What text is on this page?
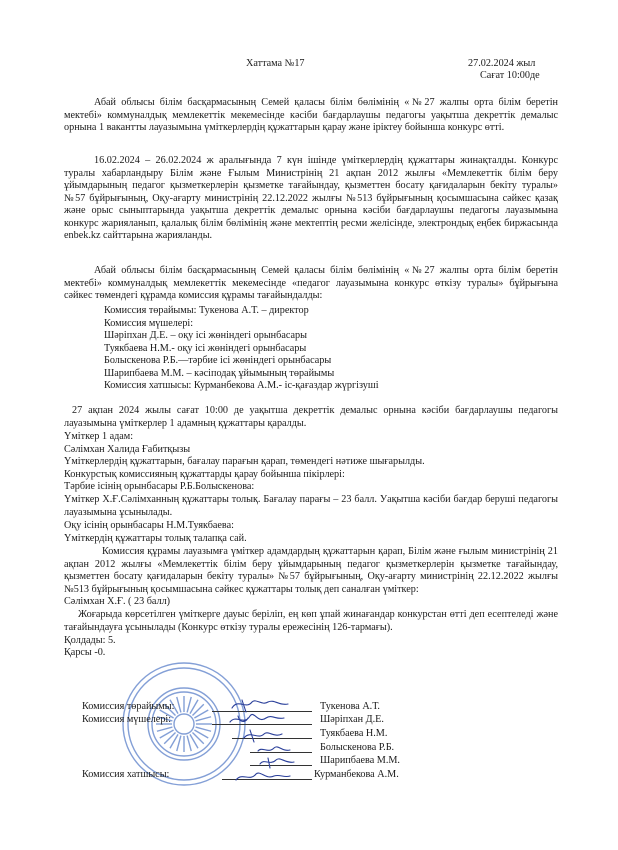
Хаттама №17	27.02.2024 жыл
Сағат 10:00де

Абай облысы білім басқармасының Семей қаласы білім бөлімінің «№27 жалпы орта білім беретін мектебі» коммуналдық мемлекеттік мекемесінде кәсіби бағдарлаушы педагогы уақытша декреттік демалыс орнына 1 вакантты лауазымына үміткерлердің құжаттарын қарау және іріктеу бойынша конкурс өтті.

16.02.2024 – 26.02.2024 ж аралығында 7 күн ішінде үміткерлердің құжаттары жинақталды. Конкурс туралы хабарландыру Білім және Ғылым Министрінің 21 ақпан 2012 жылғы «Мемлекеттік білім беру ұйымдарының педагог қызметкерлерін қызметке тағайындау, қызметтен босату қағидаларын бекіту туралы» №57 бұйрығының, Оқу-ағарту министрінің 22.12.2022 жылғы №513 бұйрығының қосымшасына сәйкес қазақ және орыс сыныптарында уақытша декреттік демалыс орнына кәсіби бағдарлаушы педагогы лауазымына конкурс жарияланып, қалалық білім бөлімінің және мектептің ресми желісінде, электрондық еңбек биржасында enbek.kz сайттарына жарияланды.

Абай облысы білім басқармасының Семей қаласы білім бөлімінің «№27 жалпы орта білім беретін мектебі» коммуналдық мемлекеттік мекемесінде «педагог лауазымына конкурс өткізу туралы» бұйрығына сәйкес төмендегі құрамда комиссия құрамы тағайындалды:

Комиссия төрайымы: Тукенова А.Т. – директор
Комиссия мүшелері:
Шәріпхан Д.Е. – оқу ісі жөніндегі орынбасары
Туякбаева Н.М.- оқу ісі жөніндегі орынбасары
Болыскенова Р.Б.—тәрбие ісі жөніндегі орынбасары
Шарипбаева М.М. – кәсіподақ ұйымының төрайымы
Комиссия хатшысы: Курманбекова А.М.- іс-қағаздар жүргізуші

27 ақпан 2024 жылы сағат 10:00 де уақытша декреттік демалыс орнына кәсіби бағдарлаушы педагогы лауазымына үміткерлер 1 адамның құжаттары қаралды.

Үміткер 1 адам:
Сәлімхан Халида Ғабитқызы
Үміткерлердің құжаттарын, бағалау парағын қарап, төмендегі нәтиже шығарылды.
Конкурстық комиссияның құжаттарды қарау бойынша пікірлері:
Тәрбие ісінің орынбасары Р.Б.Болыскенова:

Үміткер Х.Ғ.Сәлімханның құжаттары толық. Бағалау парағы – 23 балл. Уақытша кәсіби бағдар беруші педагогы лауазымына ұсынылады.

Оқу ісінің орынбасары Н.М.Туякбаева:
Үміткердің құжаттары толық талапқа сай.

Комиссия құрамы лауазымға үміткер адамдардың құжаттарын қарап, Білім және ғылым министрінің 21 ақпан 2012 жылғы «Мемлекеттік білім беру ұйымдарының педагог қызметкерлерін қызметке тағайындау, қызметтен босату қағидаларын бекіту туралы» №57 бұйрығының, Оқу-ағарту министрінің 22.12.2022 жылғы №513 бұйрығының қосымшасына сәйкес құжаттары толық деп саналған үміткер:

Сәлімхан Х.Ғ. ( 23 балл)

Жоғарыда көрсетілген үміткерге дауыс беріліп, ең көп ұпай жинағандар конкурстан өтті деп есептеледі және тағайындауға ұсынылады (Конкурс өткізу туралы ережесінің 126-тармағы).

Қолдады: 5.
Қарсы -0.
Комиссия төрайымы:
Комиссия мүшелері:
Комиссия хатшысы:
Тукенова А.Т.
Шәріпхан Д.Е.
Туякбаева Н.М.
Болыскенова Р.Б.
Шарипбаева М.М.
Курманбекова А.М.
